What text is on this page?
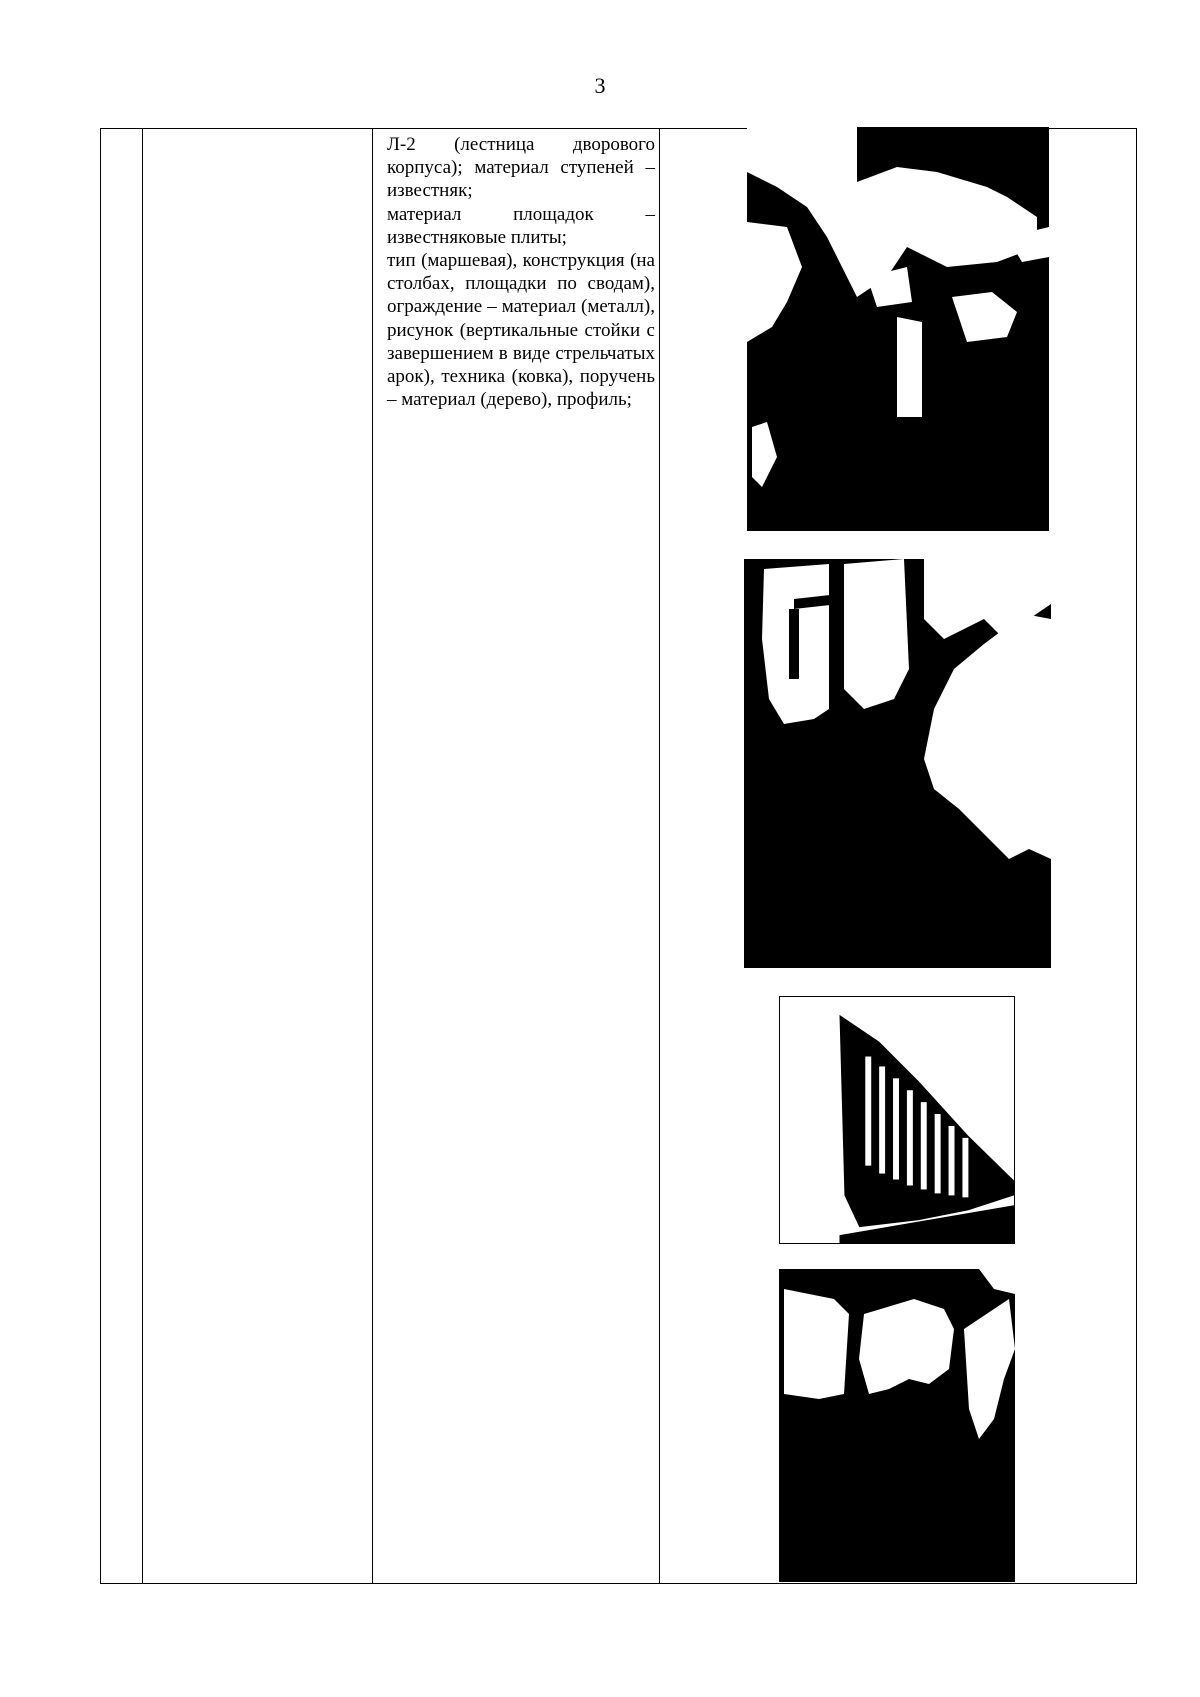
3

Л-2 (лестница дворового корпуса); материал ступеней – известняк;

материал площадок – известняковые плиты;

тип (маршевая), конструкция (на столбах, площадки по сводам), ограждение – материал (металл), рисунок (вертикальные стойки с завершением в виде стрельчатых арок), техника (ковка), поручень – материал (дерево), профиль;
